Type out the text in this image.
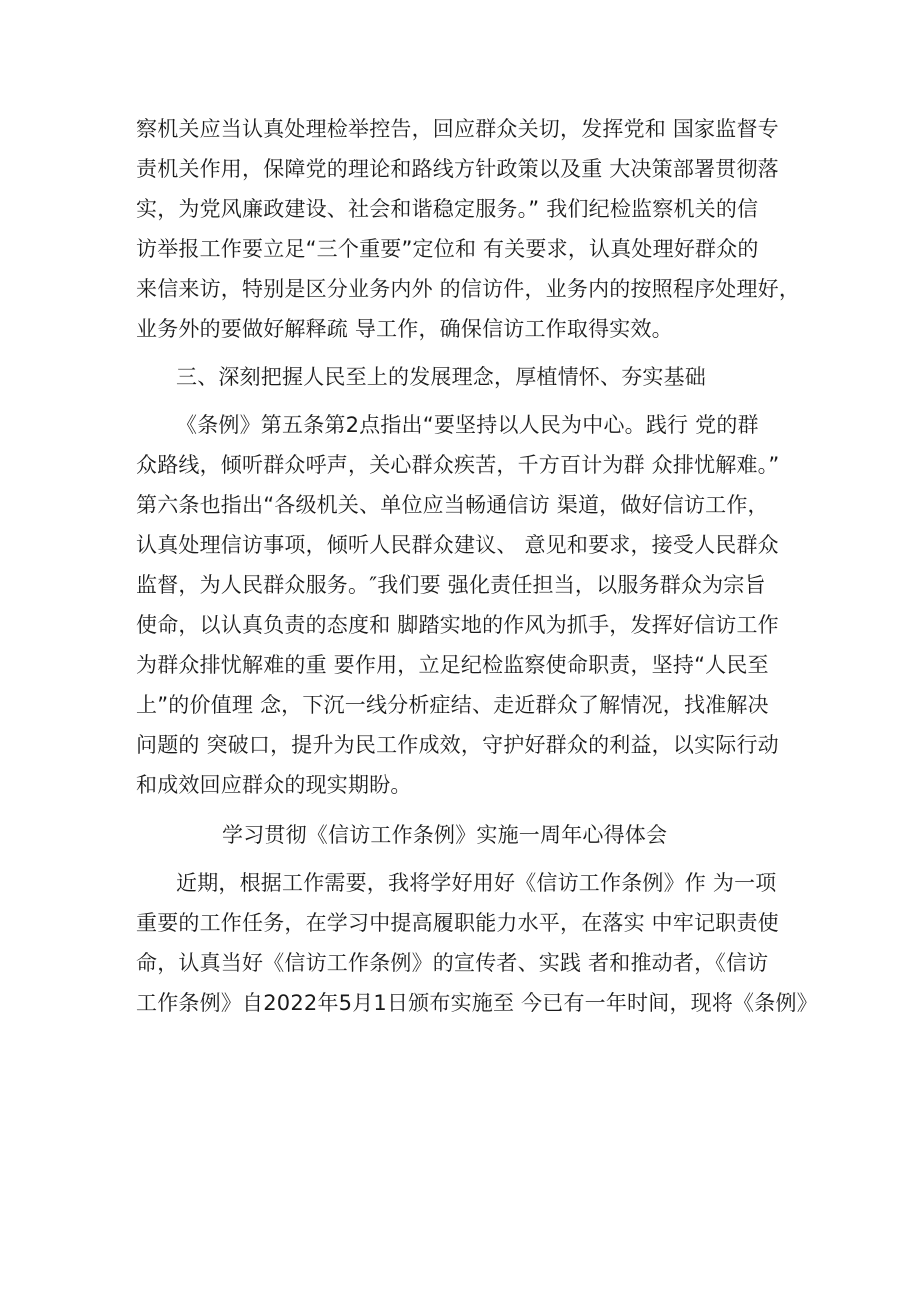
察机关应当认真处理检举控告，回应群众关切，发挥党和 国家监督专
责机关作用，保障党的理论和路线方针政策以及重 大决策部署贯彻落
实，为党风廉政建设、社会和谐稳定服务。” 我们纪检监察机关的信
访举报工作要立足“三个重要”定位和 有关要求，认真处理好群众的
来信来访，特别是区分业务内外 的信访件，业务内的按照程序处理好，
业务外的要做好解释疏 导工作，确保信访工作取得实效。
三、深刻把握人民至上的发展理念，厚植情怀、夯实基础
《条例》第五条第2点指出“要坚持以人民为中心。践行 党的群
众路线，倾听群众呼声，关心群众疾苦，千方百计为群 众排忧解难。”
第六条也指出“各级机关、单位应当畅通信访 渠道，做好信访工作，
认真处理信访事项，倾听人民群众建议、 意见和要求，接受人民群众
监督，为人民群众服务。″我们要 强化责任担当，以服务群众为宗旨
使命，以认真负责的态度和 脚踏实地的作风为抓手，发挥好信访工作
为群众排忧解难的重 要作用，立足纪检监察使命职责，坚持“人民至
上”的价值理 念，下沉一线分析症结、走近群众了解情况，找准解决
问题的 突破口，提升为民工作成效，守护好群众的利益，以实际行动
和成效回应群众的现实期盼。
学习贯彻《信访工作条例》实施一周年心得体会
近期，根据工作需要，我将学好用好《信访工作条例》作 为一项
重要的工作任务，在学习中提高履职能力水平，在落实 中牢记职责使
命，认真当好《信访工作条例》的宣传者、实践 者和推动者，《信访
工作条例》自2022年5月1日颁布实施至 今已有一年时间，现将《条例》
